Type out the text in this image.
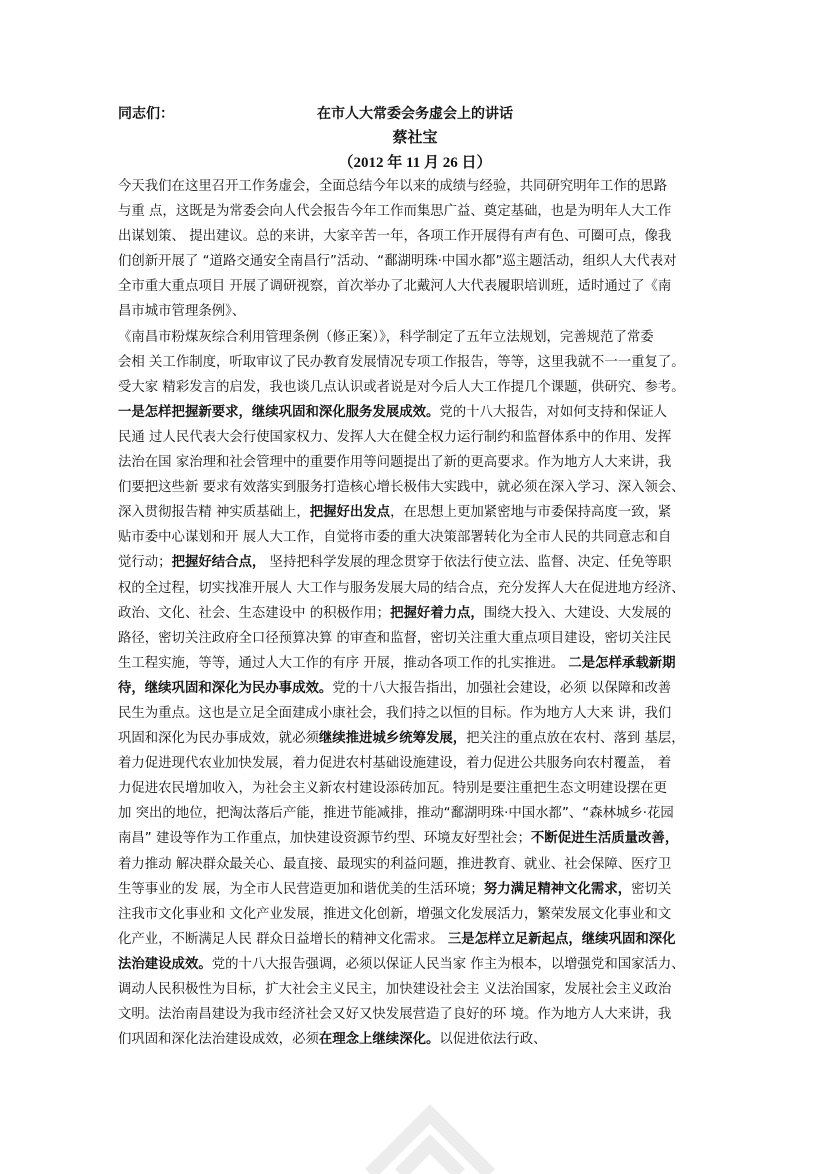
同志们：	在市人大常委会务虚会上的讲话
蔡社宝
（2012 年 11 月 26 日）
今天我们在这里召开工作务虚会，全面总结今年以来的成绩与经验，共同研究明年工作的思路
与重 点，这既是为常委会向人代会报告今年工作而集思广益、奠定基础，也是为明年人大工作
出谋划策、 提出建议。总的来讲，大家辛苦一年，各项工作开展得有声有色、可圈可点，像我
们创新开展了 “道路交通安全南昌行”活动、“鄱湖明珠·中国水都”巡主题活动，组织人大代表对
全市重大重点项目 开展了调研视察，首次举办了北戴河人大代表履职培训班，适时通过了《南
昌市城市管理条例》、
《南昌市粉煤灰综合利用管理条例（修正案）》，科学制定了五年立法规划，完善规范了常委
会相 关工作制度，听取审议了民办教育发展情况专项工作报告，等等，这里我就不一一重复了。
受大家 精彩发言的启发，我也谈几点认识或者说是对今后人大工作提几个课题，供研究、参考。
一是怎样把握新要求，继续巩固和深化服务发展成效。党的十八大报告，对如何支持和保证人
民通 过人民代表大会行使国家权力、发挥人大在健全权力运行制约和监督体系中的作用、发挥
法治在国 家治理和社会管理中的重要作用等问题提出了新的更高要求。作为地方人大来讲，我
们要把这些新 要求有效落实到服务打造核心增长极伟大实践中，就必须在深入学习、深入领会、
深入贯彻报告精 神实质基础上，把握好出发点，在思想上更加紧密地与市委保持高度一致，紧
贴市委中心谋划和开 展人大工作，自觉将市委的重大决策部署转化为全市人民的共同意志和自
觉行动；把握好结合点， 坚持把科学发展的理念贯穿于依法行使立法、监督、决定、任免等职
权的全过程，切实找准开展人 大工作与服务发展大局的结合点，充分发挥人大在促进地方经济、
政治、文化、社会、生态建设中 的积极作用；把握好着力点，围绕大投入、大建设、大发展的
路径，密切关注政府全口径预算决算 的审查和监督，密切关注重大重点项目建设，密切关注民
生工程实施，等等，通过人大工作的有序 开展，推动各项工作的扎实推进。 二是怎样承载新期
待，继续巩固和深化为民办事成效。党的十八大报告指出，加强社会建设，必须 以保障和改善
民生为重点。这也是立足全面建成小康社会，我们持之以恒的目标。作为地方人大来 讲，我们
巩固和深化为民办事成效，就必须继续推进城乡统筹发展，把关注的重点放在农村、落到 基层，
着力促进现代农业加快发展，着力促进农村基础设施建设，着力促进公共服务向农村覆盖， 着
力促进农民增加收入，为社会主义新农村建设添砖加瓦。特别是要注重把生态文明建设摆在更
加 突出的地位，把淘汰落后产能，推进节能减排，推动“鄱湖明珠·中国水都”、“森林城乡·花园
南昌” 建设等作为工作重点，加快建设资源节约型、环境友好型社会；不断促进生活质量改善，
着力推动 解决群众最关心、最直接、最现实的利益问题，推进教育、就业、社会保障、医疗卫
生等事业的发 展，为全市人民营造更加和谐优美的生活环境；努力满足精神文化需求，密切关
注我市文化事业和 文化产业发展，推进文化创新，增强文化发展活力，繁荣发展文化事业和文
化产业，不断满足人民 群众日益增长的精神文化需求。 三是怎样立足新起点，继续巩固和深化
法治建设成效。党的十八大报告强调，必须以保证人民当家 作主为根本，以增强党和国家活力、
调动人民积极性为目标，扩大社会主义民主，加快建设社会主 义法治国家，发展社会主义政治
文明。法治南昌建设为我市经济社会又好又快发展营造了良好的环 境。作为地方人大来讲，我
们巩固和深化法治建设成效，必须在理念上继续深化。以促进依法行政、
